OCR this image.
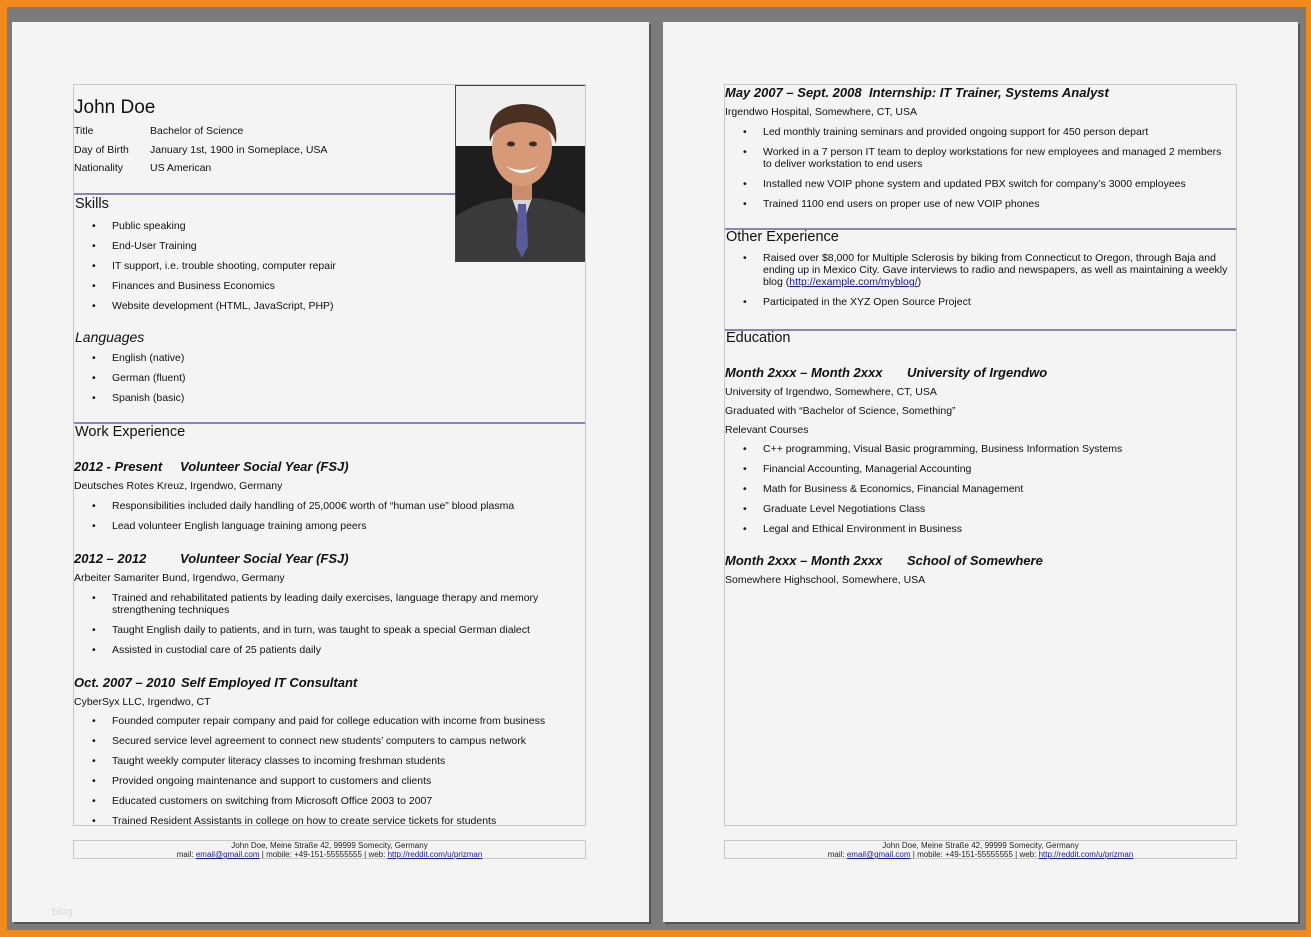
John Doe
Title	Bachelor of Science
Day of Birth January 1st, 1900 in Someplace, USA
Nationality	US American
Skills
• Public speaking
• End-User Training
• IT support, i.e. trouble shooting, computer repair
• Finances and Business Economics
• Website development (HTML, JavaScript, PHP)
Languages
• English (native)
• German (fluent)
• Spanish (basic)
Work Experience
2012 - Present Volunteer Social Year (FSJ)
Deutsches Rotes Kreuz, Irgendwo, Germany
• Responsibilities included daily handling of 25,000€ worth of “human use” blood plasma
• Lead volunteer English language training among peers
2012 – 2012	Volunteer Social Year (FSJ)
Arbeiter Samariter Bund, Irgendwo, Germany
• Trained and rehabilitated patients by leading daily exercises, language therapy and memory strengthening techniques
• Taught English daily to patients, and in turn, was taught to speak a special German dialect
• Assisted in custodial care of 25 patients daily
Oct. 2007 – 2010 Self Employed IT Consultant
CyberSyx LLC, Irgendwo, CT
• Founded computer repair company and paid for college education with income from business
• Secured service level agreement to connect new students’ computers to campus network
• Taught weekly computer literacy classes to incoming freshman students
• Provided ongoing maintenance and support to customers and clients
• Educated customers on switching from Microsoft Office 2003 to 2007
• Trained Resident Assistants in college on how to create service tickets for students
John Doe, Meine Straße 42, 99999 Somecity, Germany
mail: email@gmail.com | mobile: +49-151-55555555 | web: http://reddit.com/u/prizman
blog
May 2007 – Sept. 2008 Internship: IT Trainer, Systems Analyst
Irgendwo Hospital, Somewhere, CT, USA
• Led monthly training seminars and provided ongoing support for 450 person depart
• Worked in a 7 person IT team to deploy workstations for new employees and managed 2 members to deliver workstation to end users
• Installed new VOIP phone system and updated PBX switch for company’s 3000 employees
• Trained 1100 end users on proper use of new VOIP phones
Other Experience
• Raised over $8,000 for Multiple Sclerosis by biking from Connecticut to Oregon, through Baja and ending up in Mexico City. Gave interviews to radio and newspapers, as well as maintaining a weekly blog (http://example.com/myblog/)
• Participated in the XYZ Open Source Project
Education
Month 2xxx – Month 2xxx University of Irgendwo
University of Irgendwo, Somewhere, CT, USA
Graduated with “Bachelor of Science, Something”
Relevant Courses
• C++ programming, Visual Basic programming, Business Information Systems
• Financial Accounting, Managerial Accounting
• Math for Business & Economics, Financial Management
• Graduate Level Negotiations Class
• Legal and Ethical Environment in Business
Month 2xxx – Month 2xxx School of Somewhere
Somewhere Highschool, Somewhere, USA
John Doe, Meine Straße 42, 99999 Somecity, Germany
mail: email@gmail.com | mobile: +49-151-55555555 | web: http://reddit.com/u/prizman
